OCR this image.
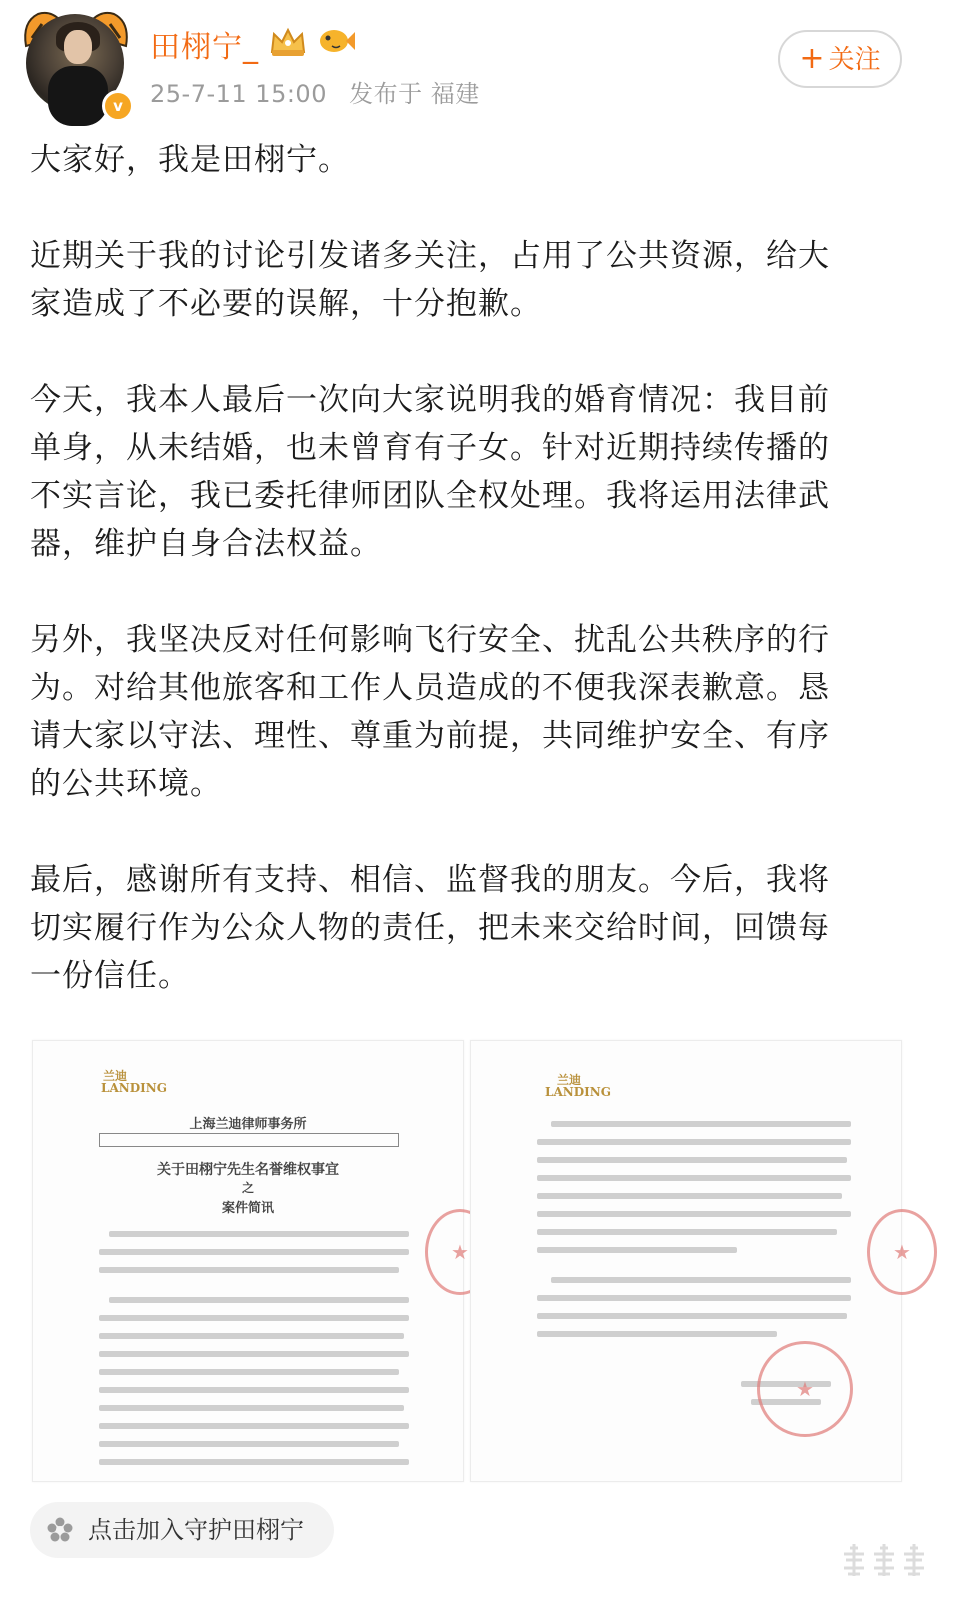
v
田栩宁_
25-7-11 15:00 发布于 福建
+ 关注

大家好，我是田栩宁。

近期关于我的讨论引发诸多关注，占用了公共资源，给大
家造成了不必要的误解，十分抱歉。

今天，我本人最后一次向大家说明我的婚育情况：我目前
单身，从未结婚，也未曾育有子女。针对近期持续传播的
不实言论，我已委托律师团队全权处理。我将运用法律武
器，维护自身合法权益。

另外，我坚决反对任何影响飞行安全、扰乱公共秩序的行
为。对给其他旅客和工作人员造成的不便我深表歉意。恳
请大家以守法、理性、尊重为前提，共同维护安全、有序
的公共环境。

最后，感谢所有支持、相信、监督我的朋友。今后，我将
切实履行作为公众人物的责任，把未来交给时间，回馈每
一份信任。

兰迪
LANDING
上海兰迪律师事务所
关于田栩宁先生名誉维权事宜
之
案件简讯
★
兰迪
LANDING
★
★
点击加入守护田栩宁
